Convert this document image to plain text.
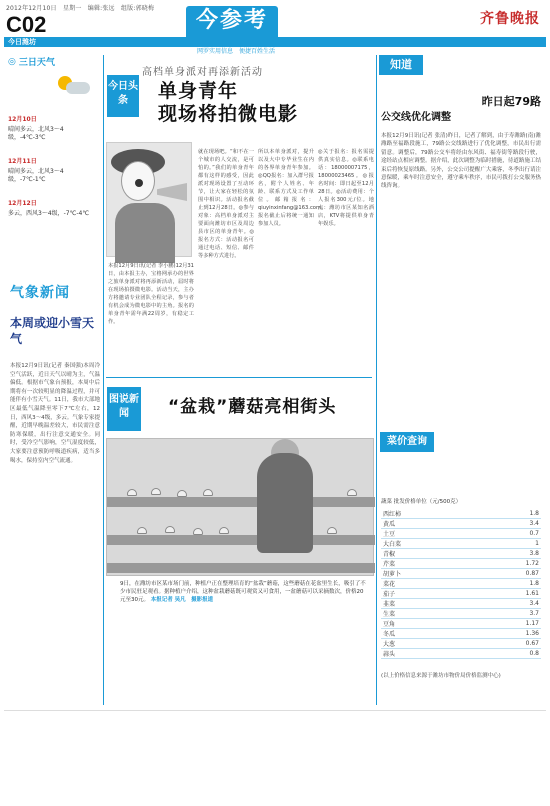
2012年12月10日　星期一　编辑:张远　组版:郭晓梅
C02	今参考
网罗实用信息　便捷百姓生活
齐鲁晚报
今日潍坊
◎ 三日天气
12月10日
晴间多云，北风3～4级，-4℃-3℃
12月11日
晴间多云，北风3～4级，-7℃-1℃
12月12日
多云，西风3～4级，-7℃-4℃
气象新闻
本周或迎小雪天气
本报12月9日讯(记者 秦国强)本周冷空气活跃，近日天气以晴为主，气温偏低。根据市气象台预报，本周中后期将有一次较明显的降温过程，并可能伴有小雪天气。11日，我市大部地区最低气温降至零下7℃左右，12日，西风3～4级，多云。气象专家提醒，近期早晚温差较大，市民需注意防寒保暖，出行注意交通安全。同时，受冷空气影响，空气湿度较低，大家要注意预防呼吸道疾病，适当多喝水，保持室内空气流通。
高档单身派对再添新活动
今日头条	单身青年
现场将拍微电影
本报12月9日讯(记者 李小鹏)12月31日，由本报主办，宝格网承办的世界之旅单身派对将再添新活动，届时将在现场拍摄微电影。活动当天，主办方将邀请专业团队全程记录，参与者有机会成为微电影中的主角。报名的单身青年需年满22周岁，有稳定工作。
就在现场吧。“和不在一个城市的人交流，是可怕的。”我们的单身青年都有这样的感受，因此派对现场设置了互动环节，让大家在轻松的氛围中相识。活动报名截止到12月28日。◎参与对象：高档单身派对主要面向潍坊市区及周边县市区的单身青年。◎报名方式：活动报名可通过电话、短信、邮件等多种方式进行。
所以本单身派对，提升以及大中专毕业生在内的各界单身青年参加。◎QQ报名：加入群号报名，附个人姓名、年龄、联系方式及工作单位。邮箱报名：qiuyinxinfang@163.com。报名截止后将统一通知参加人员。
◎关于报名：报名需提供真实信息。◎联系电话：18000007175，18000023465。◎报名时间：即日起至12月28日。◎活动费用：个人报名300元/位。地点：潍坊市区某知名酒店，KTV将提供单身青年娱乐。
知道
昨日起79路
公交线优化调整
本报12月9日讯(记者 张清)昨日，记者了解到，由于寿潍路(南)潍潍路至福路段施工，79路公交线路进行了优化调整，市民出行需留意。调整后，79路公交车将经由东风街、福寿街等路段行驶，途经站点相应调整。据介绍，此次调整为临时措施，待道路施工结束后将恢复原线路。另外，公交公司提醒广大乘客，冬季出行请注意保暖，乘车时注意安全，遵守乘车秩序，市民可拨打公交服务热线咨询。
菜价查询
蔬菜 批发价格单位（元/500克）
西红柿	1.8
黄瓜	3.4
土豆	0.7
大白菜	1
青椒	3.8
芹菜	1.72
胡萝卜	0.87
菜花	1.8
茄子	1.61
韭菜	3.4
生菜	3.7
豆角	1.17
冬瓜	1.36
大葱	0.67
蒜头	0.8
(以上价格信息来源于潍坊市物价局价格监测中心)
图说新闻	“盆栽”蘑菇亮相街头
9日，在潍坊市区某市场门前，种植户正在整理培育的“盆栽”蘑菇，这些蘑菇在花盆里生长，吸引了不少市民驻足观看。据种植户介绍，这种盆栽蘑菇既可观赏又可食用，一盆蘑菇可以采摘数次，价格20元至30元。 本报记者 吴凡　摄影报道
